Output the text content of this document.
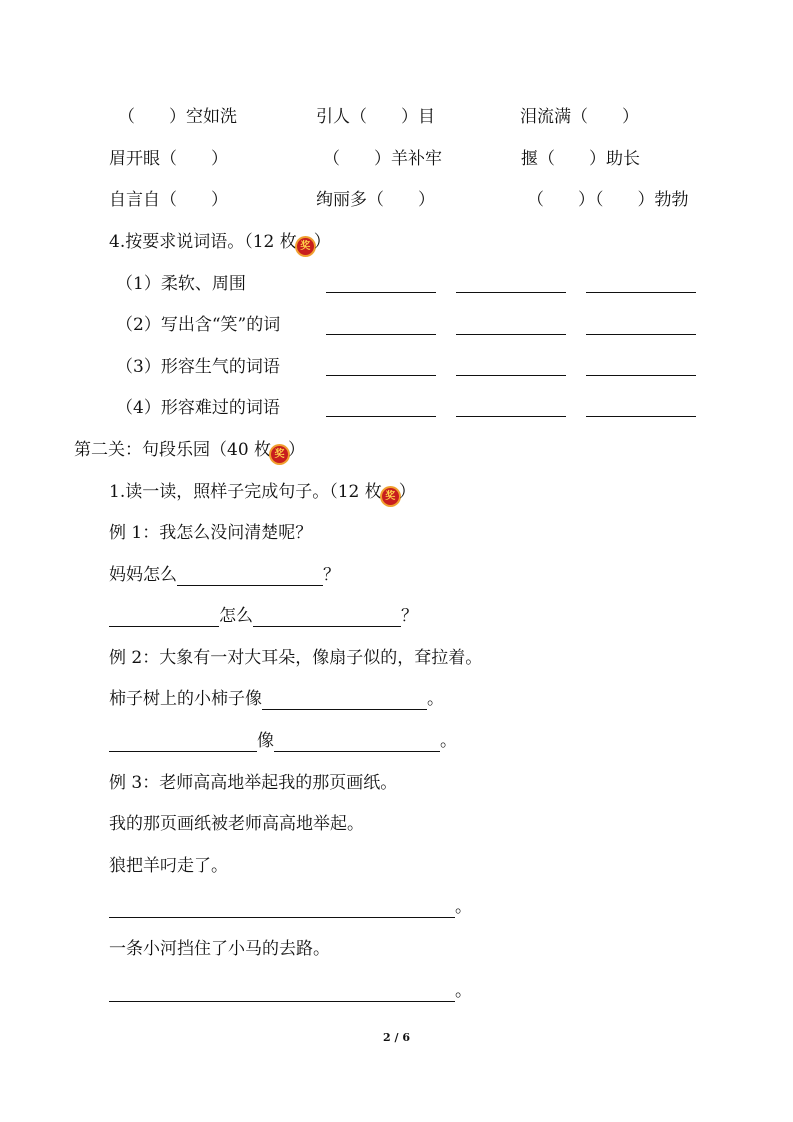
（　　）空如洗	引人（　　）目	泪流满（　　）
眉开眼（　　）	（　　）羊补牢	揠（　　）助长
自言自（　　）	绚丽多（　　）	（　　）（　　）勃勃
4.按要求说词语。（12 枚 奖 ）
（1）柔软、周围
（2）写出含“笑”的词
（3）形容生气的词语
（4）形容难过的词语
第二关：句段乐园（40 枚 奖 ）
1.读一读，照样子完成句子。（12 枚 奖 ）
例 1：我怎么没问清楚呢？
妈妈怎么	？
怎么	？
例 2：大象有一对大耳朵，像扇子似的，耷拉着。
柿子树上的小柿子像	。
像	。
例 3：老师高高地举起我的那页画纸。
我的那页画纸被老师高高地举起。
狼把羊叼走了。
。
一条小河挡住了小马的去路。
。
2 / 6
